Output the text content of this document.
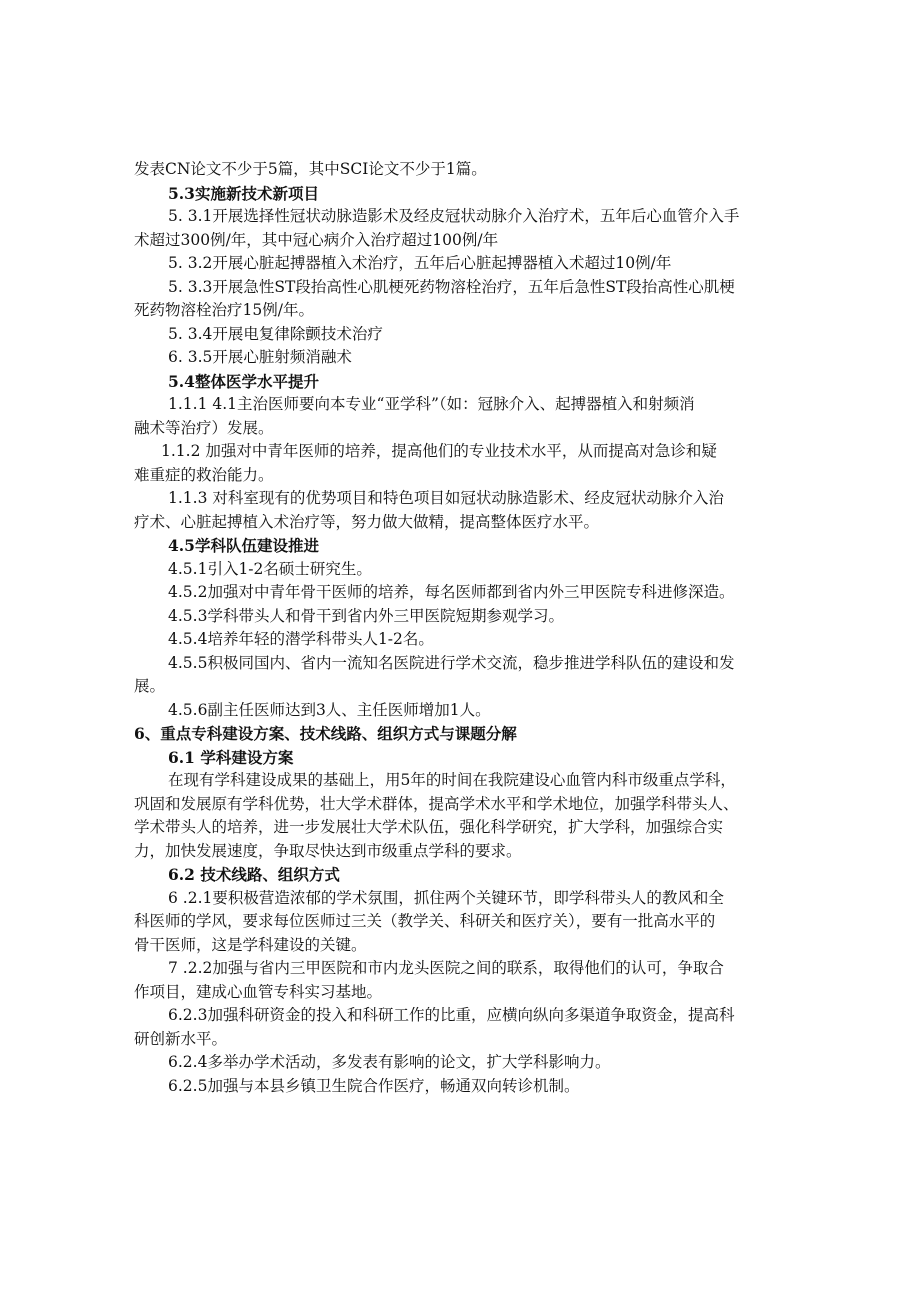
发表CN论文不少于5篇，其中SCI论文不少于1篇。
5.3实施新技术新项目
5. 3.1开展选择性冠状动脉造影术及经皮冠状动脉介入治疗术，五年后心血管介入手
术超过300例/年，其中冠心病介入治疗超过100例/年
5. 3.2开展心脏起搏器植入术治疗，五年后心脏起搏器植入术超过10例/年
5. 3.3开展急性ST段抬高性心肌梗死药物溶栓治疗，五年后急性ST段抬高性心肌梗
死药物溶栓治疗15例/年。
5. 3.4开展电复律除颤技术治疗
6. 3.5开展心脏射频消融术
5.4整体医学水平提升
1.1.1 4.1主治医师要向本专业“亚学科”（如：冠脉介入、起搏器植入和射频消
融术等治疗）发展。
1.1.2 加强对中青年医师的培养，提高他们的专业技术水平，从而提高对急诊和疑
难重症的救治能力。
1.1.3 对科室现有的优势项目和特色项目如冠状动脉造影术、经皮冠状动脉介入治
疗术、心脏起搏植入术治疗等，努力做大做精，提高整体医疗水平。
4.5学科队伍建设推进
4.5.1引入1-2名硕士研究生。
4.5.2加强对中青年骨干医师的培养，每名医师都到省内外三甲医院专科进修深造。
4.5.3学科带头人和骨干到省内外三甲医院短期参观学习。
4.5.4培养年轻的潜学科带头人1-2名。
4.5.5积极同国内、省内一流知名医院进行学术交流，稳步推进学科队伍的建设和发
展。
4.5.6副主任医师达到3人、主任医师增加1人。
6、重点专科建设方案、技术线路、组织方式与课题分解
6.1 学科建设方案
在现有学科建设成果的基础上，用5年的时间在我院建设心血管内科市级重点学科，
巩固和发展原有学科优势，壮大学术群体，提高学术水平和学术地位，加强学科带头人、
学术带头人的培养，进一步发展壮大学术队伍，强化科学研究，扩大学科，加强综合实
力，加快发展速度，争取尽快达到市级重点学科的要求。
6.2 技术线路、组织方式
6 .2.1要积极营造浓郁的学术氛围，抓住两个关键环节，即学科带头人的教风和全
科医师的学风，要求每位医师过三关（教学关、科研关和医疗关），要有一批高水平的
骨干医师，这是学科建设的关键。
7 .2.2加强与省内三甲医院和市内龙头医院之间的联系，取得他们的认可，争取合
作项目，建成心血管专科实习基地。
6.2.3加强科研资金的投入和科研工作的比重，应横向纵向多渠道争取资金，提高科
研创新水平。
6.2.4多举办学术活动，多发表有影响的论文，扩大学科影响力。
6.2.5加强与本县乡镇卫生院合作医疗，畅通双向转诊机制。
